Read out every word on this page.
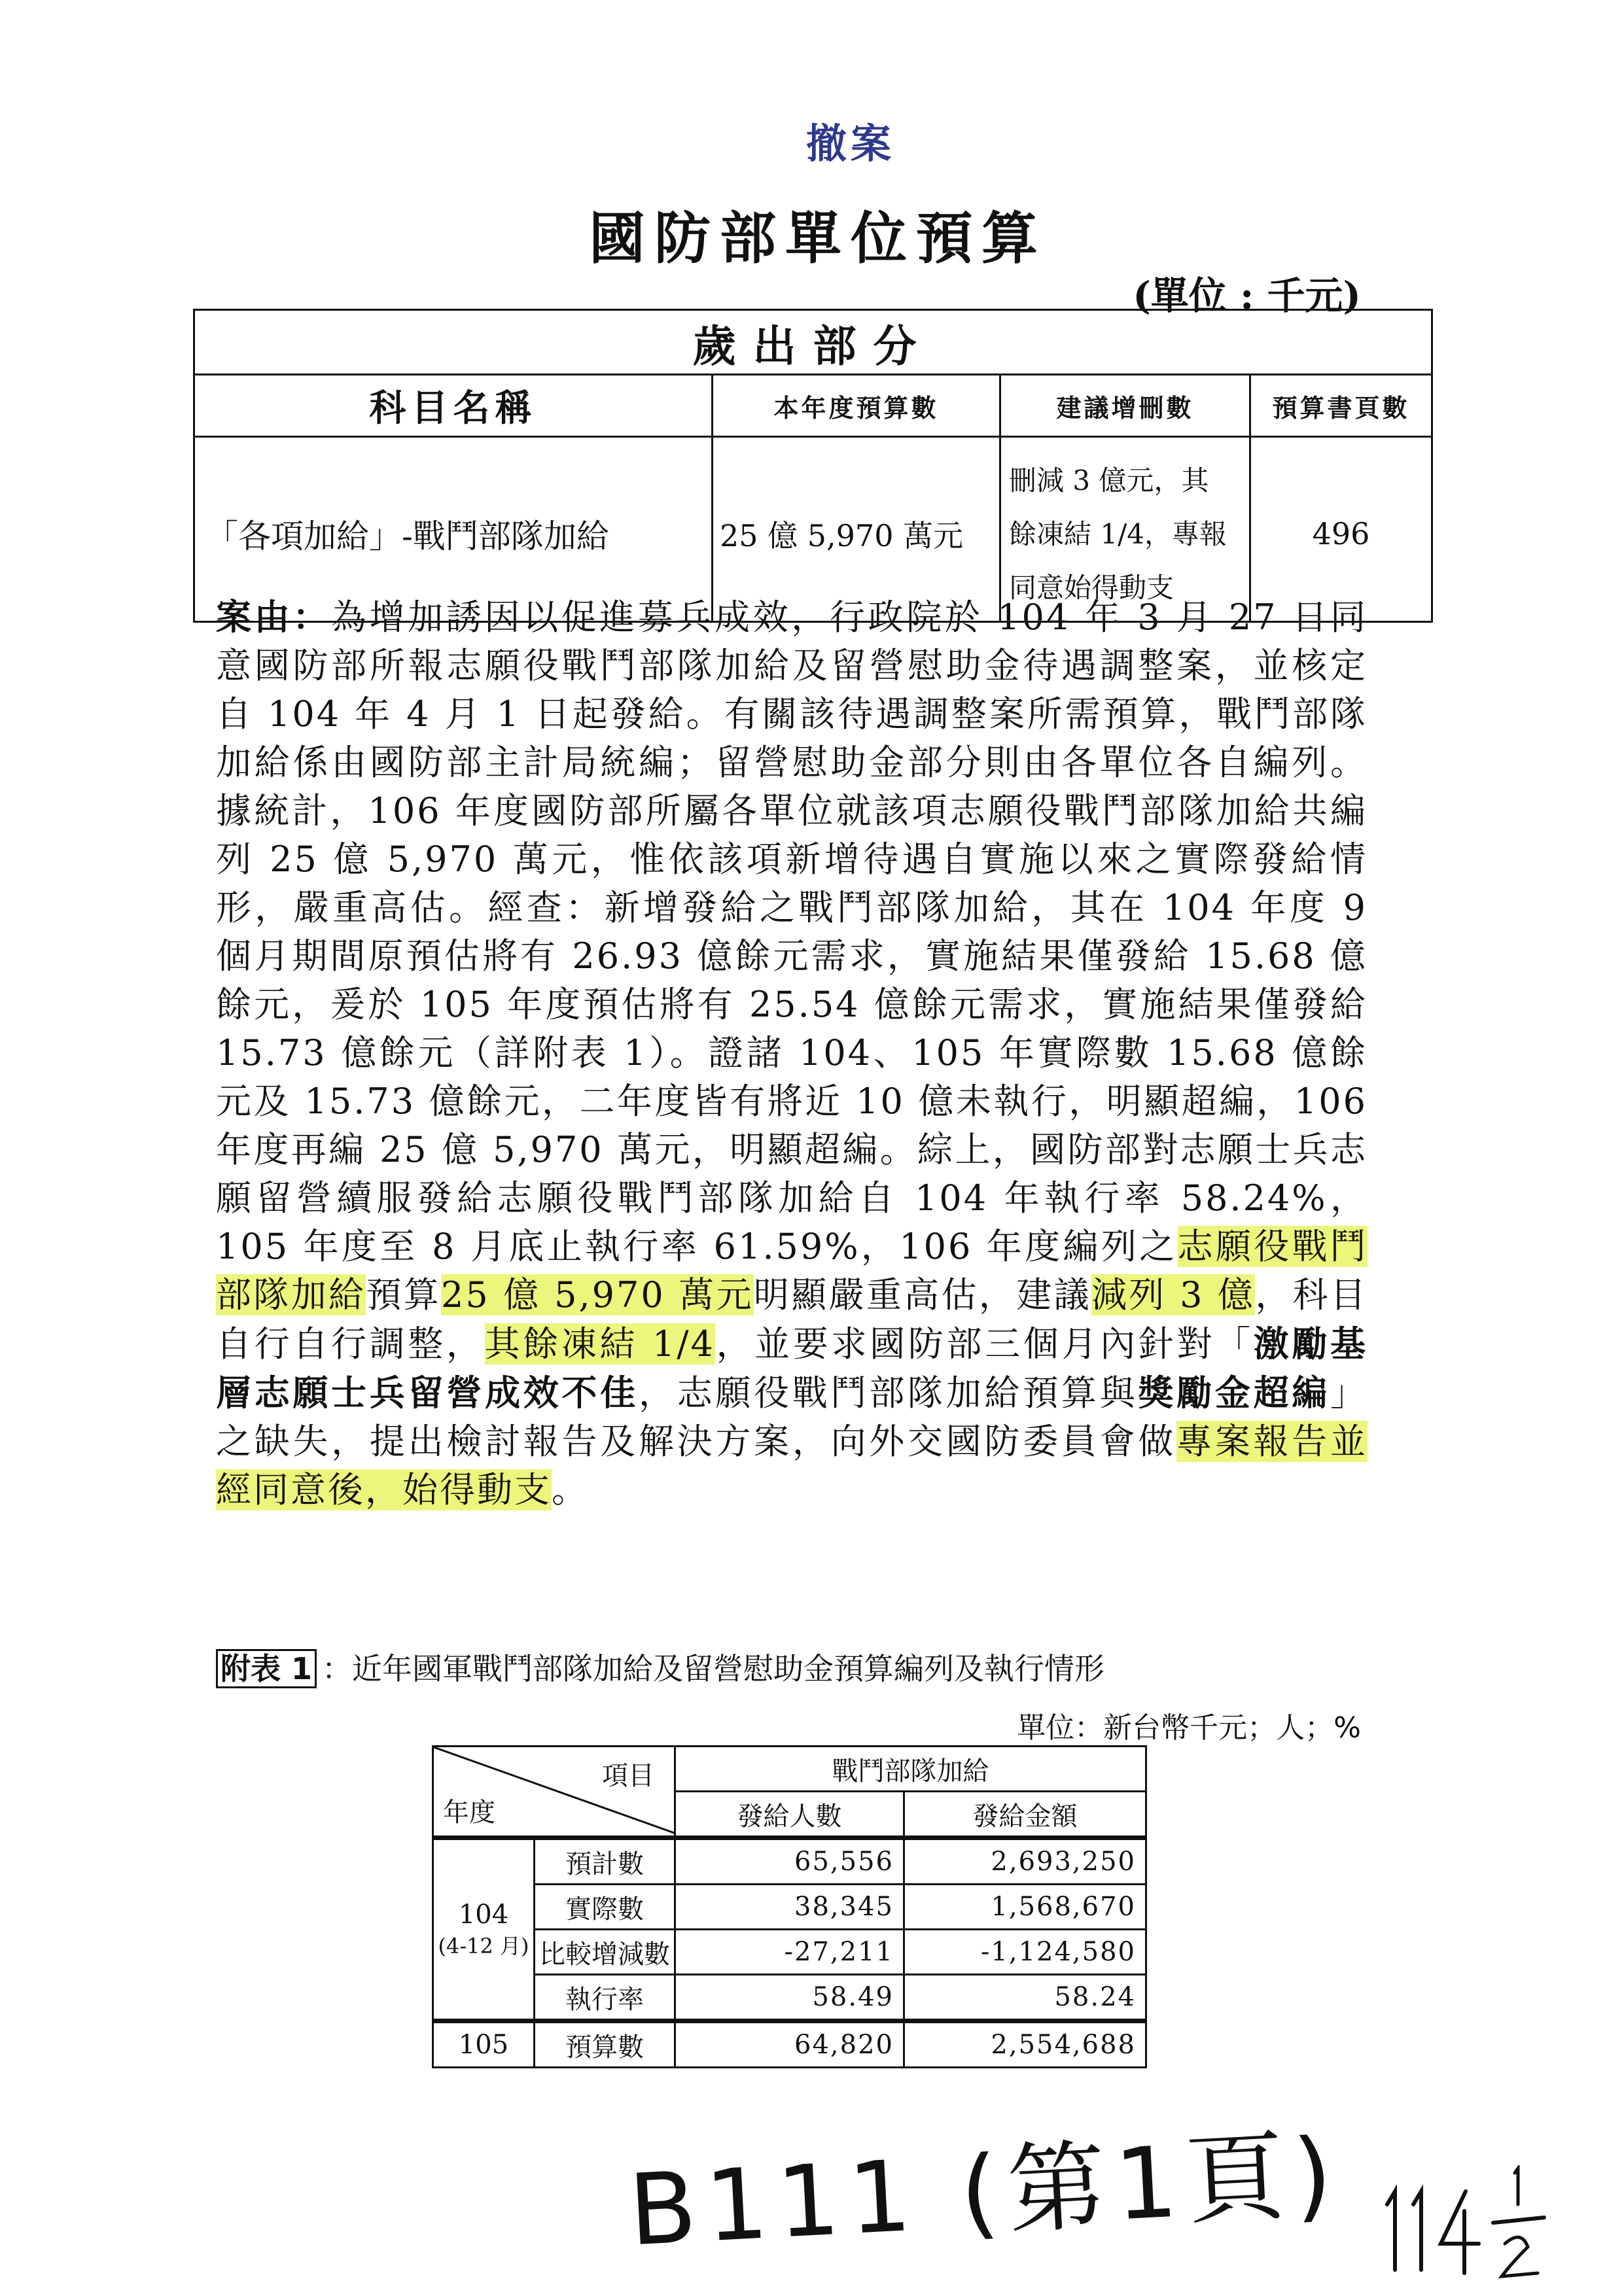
撤案
國防部單位預算
(單位 : 千元)
歲出部分			
科目名稱	本年度預算數	建議增刪數	預算書頁數
「各項加給」-戰鬥部隊加給	25 億 5,970 萬元	刪減 3 億元，其
餘凍結 1/4，專報
同意始得動支	496
案由：為增加誘因以促進募兵成效，行政院於 104 年 3 月 27 日同意國防部所報志願役戰鬥部隊加給及留營慰助金待遇調整案，並核定自 104 年 4 月 1 日起發給。有關該待遇調整案所需預算，戰鬥部隊加給係由國防部主計局統編；留營慰助金部分則由各單位各自編列。據統計，106 年度國防部所屬各單位就該項志願役戰鬥部隊加給共編列 25 億 5,970 萬元，惟依該項新增待遇自實施以來之實際發給情形，嚴重高估。經查：新增發給之戰鬥部隊加給，其在 104 年度 9 個月期間原預估將有 26.93 億餘元需求，實施結果僅發給 15.68 億餘元，爰於 105 年度預估將有 25.54 億餘元需求，實施結果僅發給 15.73 億餘元（詳附表 1）。證諸 104、105 年實際數 15.68 億餘元及 15.73 億餘元，二年度皆有將近 10 億未執行，明顯超編，106 年度再編 25 億 5,970 萬元，明顯超編。綜上，國防部對志願士兵志願留營續服發給志願役戰鬥部隊加給自 104 年執行率 58.24%，105 年度至 8 月底止執行率 61.59%，106 年度編列之志願役戰鬥部隊加給預算25 億 5,970 萬元明顯嚴重高估，建議減列 3 億，科目自行自行調整，其餘凍結 1/4，並要求國防部三個月內針對「激勵基層志願士兵留營成效不佳，志願役戰鬥部隊加給預算與獎勵金超編」之缺失，提出檢討報告及解決方案，向外交國防委員會做專案報告並經同意後，始得動支。
附表 1 ：近年國軍戰鬥部隊加給及留營慰助金預算編列及執行情形
單位：新台幣千元；人；%
項目
年度		戰鬥部隊加給	
		發給人數	發給金額

104
(4-12 月)	預計數	65,556	2,693,250
	實際數	38,345	1,568,670
	比較增減數	-27,211	-1,124,580
	執行率	58.49	58.24
105	預算數	64,820	2,554,688
B111 (第1頁)
